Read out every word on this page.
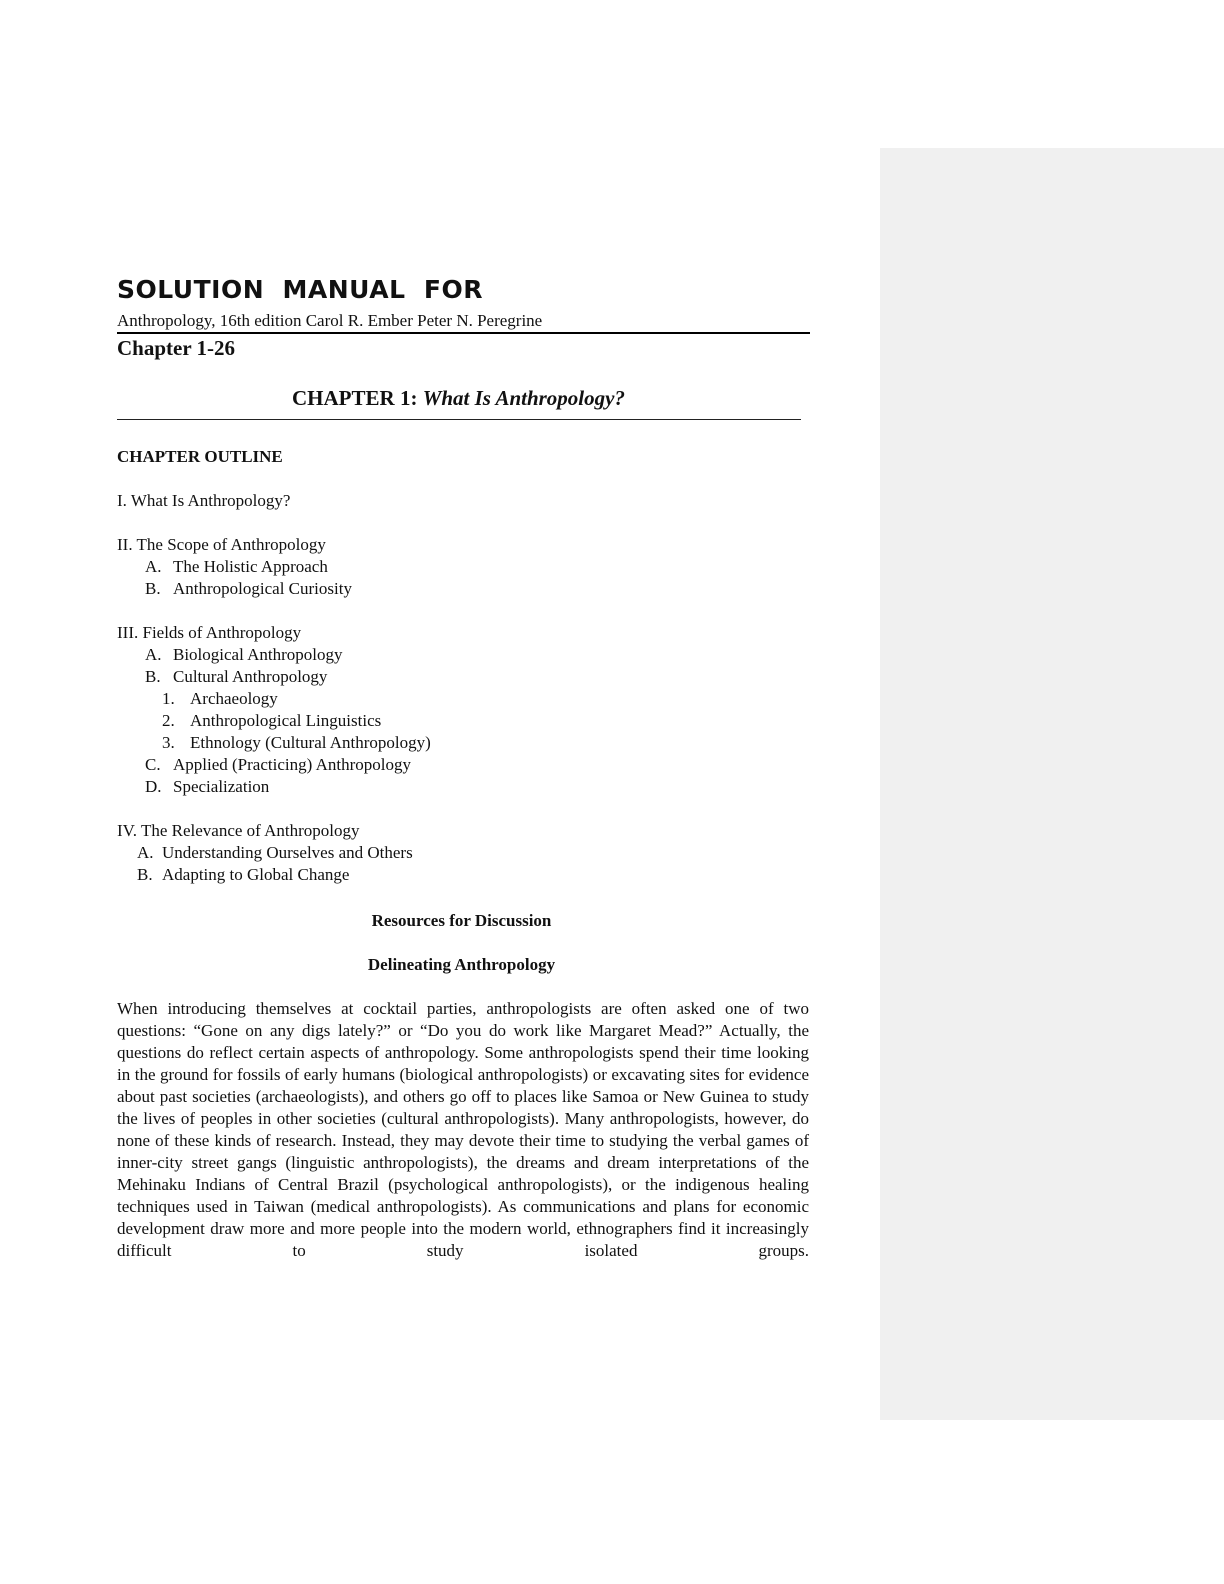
SOLUTION  MANUAL  FOR
Anthropology, 16th edition Carol R. Ember Peter N. Peregrine
Chapter 1-26
CHAPTER 1: What Is Anthropology?
CHAPTER OUTLINE
I. What Is Anthropology?
II. The Scope of Anthropology
A. The Holistic Approach
B. Anthropological Curiosity
III. Fields of Anthropology
A. Biological Anthropology
B. Cultural Anthropology
1. Archaeology
2. Anthropological Linguistics
3. Ethnology (Cultural Anthropology)
C. Applied (Practicing) Anthropology
D. Specialization
IV. The Relevance of Anthropology
A. Understanding Ourselves and Others
B. Adapting to Global Change
Resources for Discussion
Delineating Anthropology
When introducing themselves at cocktail parties, anthropologists are often asked one of two questions: “Gone on any digs lately?” or “Do you do work like Margaret Mead?” Actually, the questions do reflect certain aspects of anthropology. Some anthropologists spend their time looking in the ground for fossils of early humans (biological anthropologists) or excavating sites for evidence about past societies (archaeologists), and others go off to places like Samoa or New Guinea to study the lives of peoples in other societies (cultural anthropologists). Many anthropologists, however, do none of these kinds of research. Instead, they may devote their time to studying the verbal games of inner-city street gangs (linguistic anthropologists), the dreams and dream interpretations of the Mehinaku Indians of Central Brazil (psychological anthropologists), or the indigenous healing techniques used in Taiwan (medical anthropologists). As communications and plans for economic development draw more and more people into the modern world, ethnographers find it increasingly difficult to study isolated groups.
